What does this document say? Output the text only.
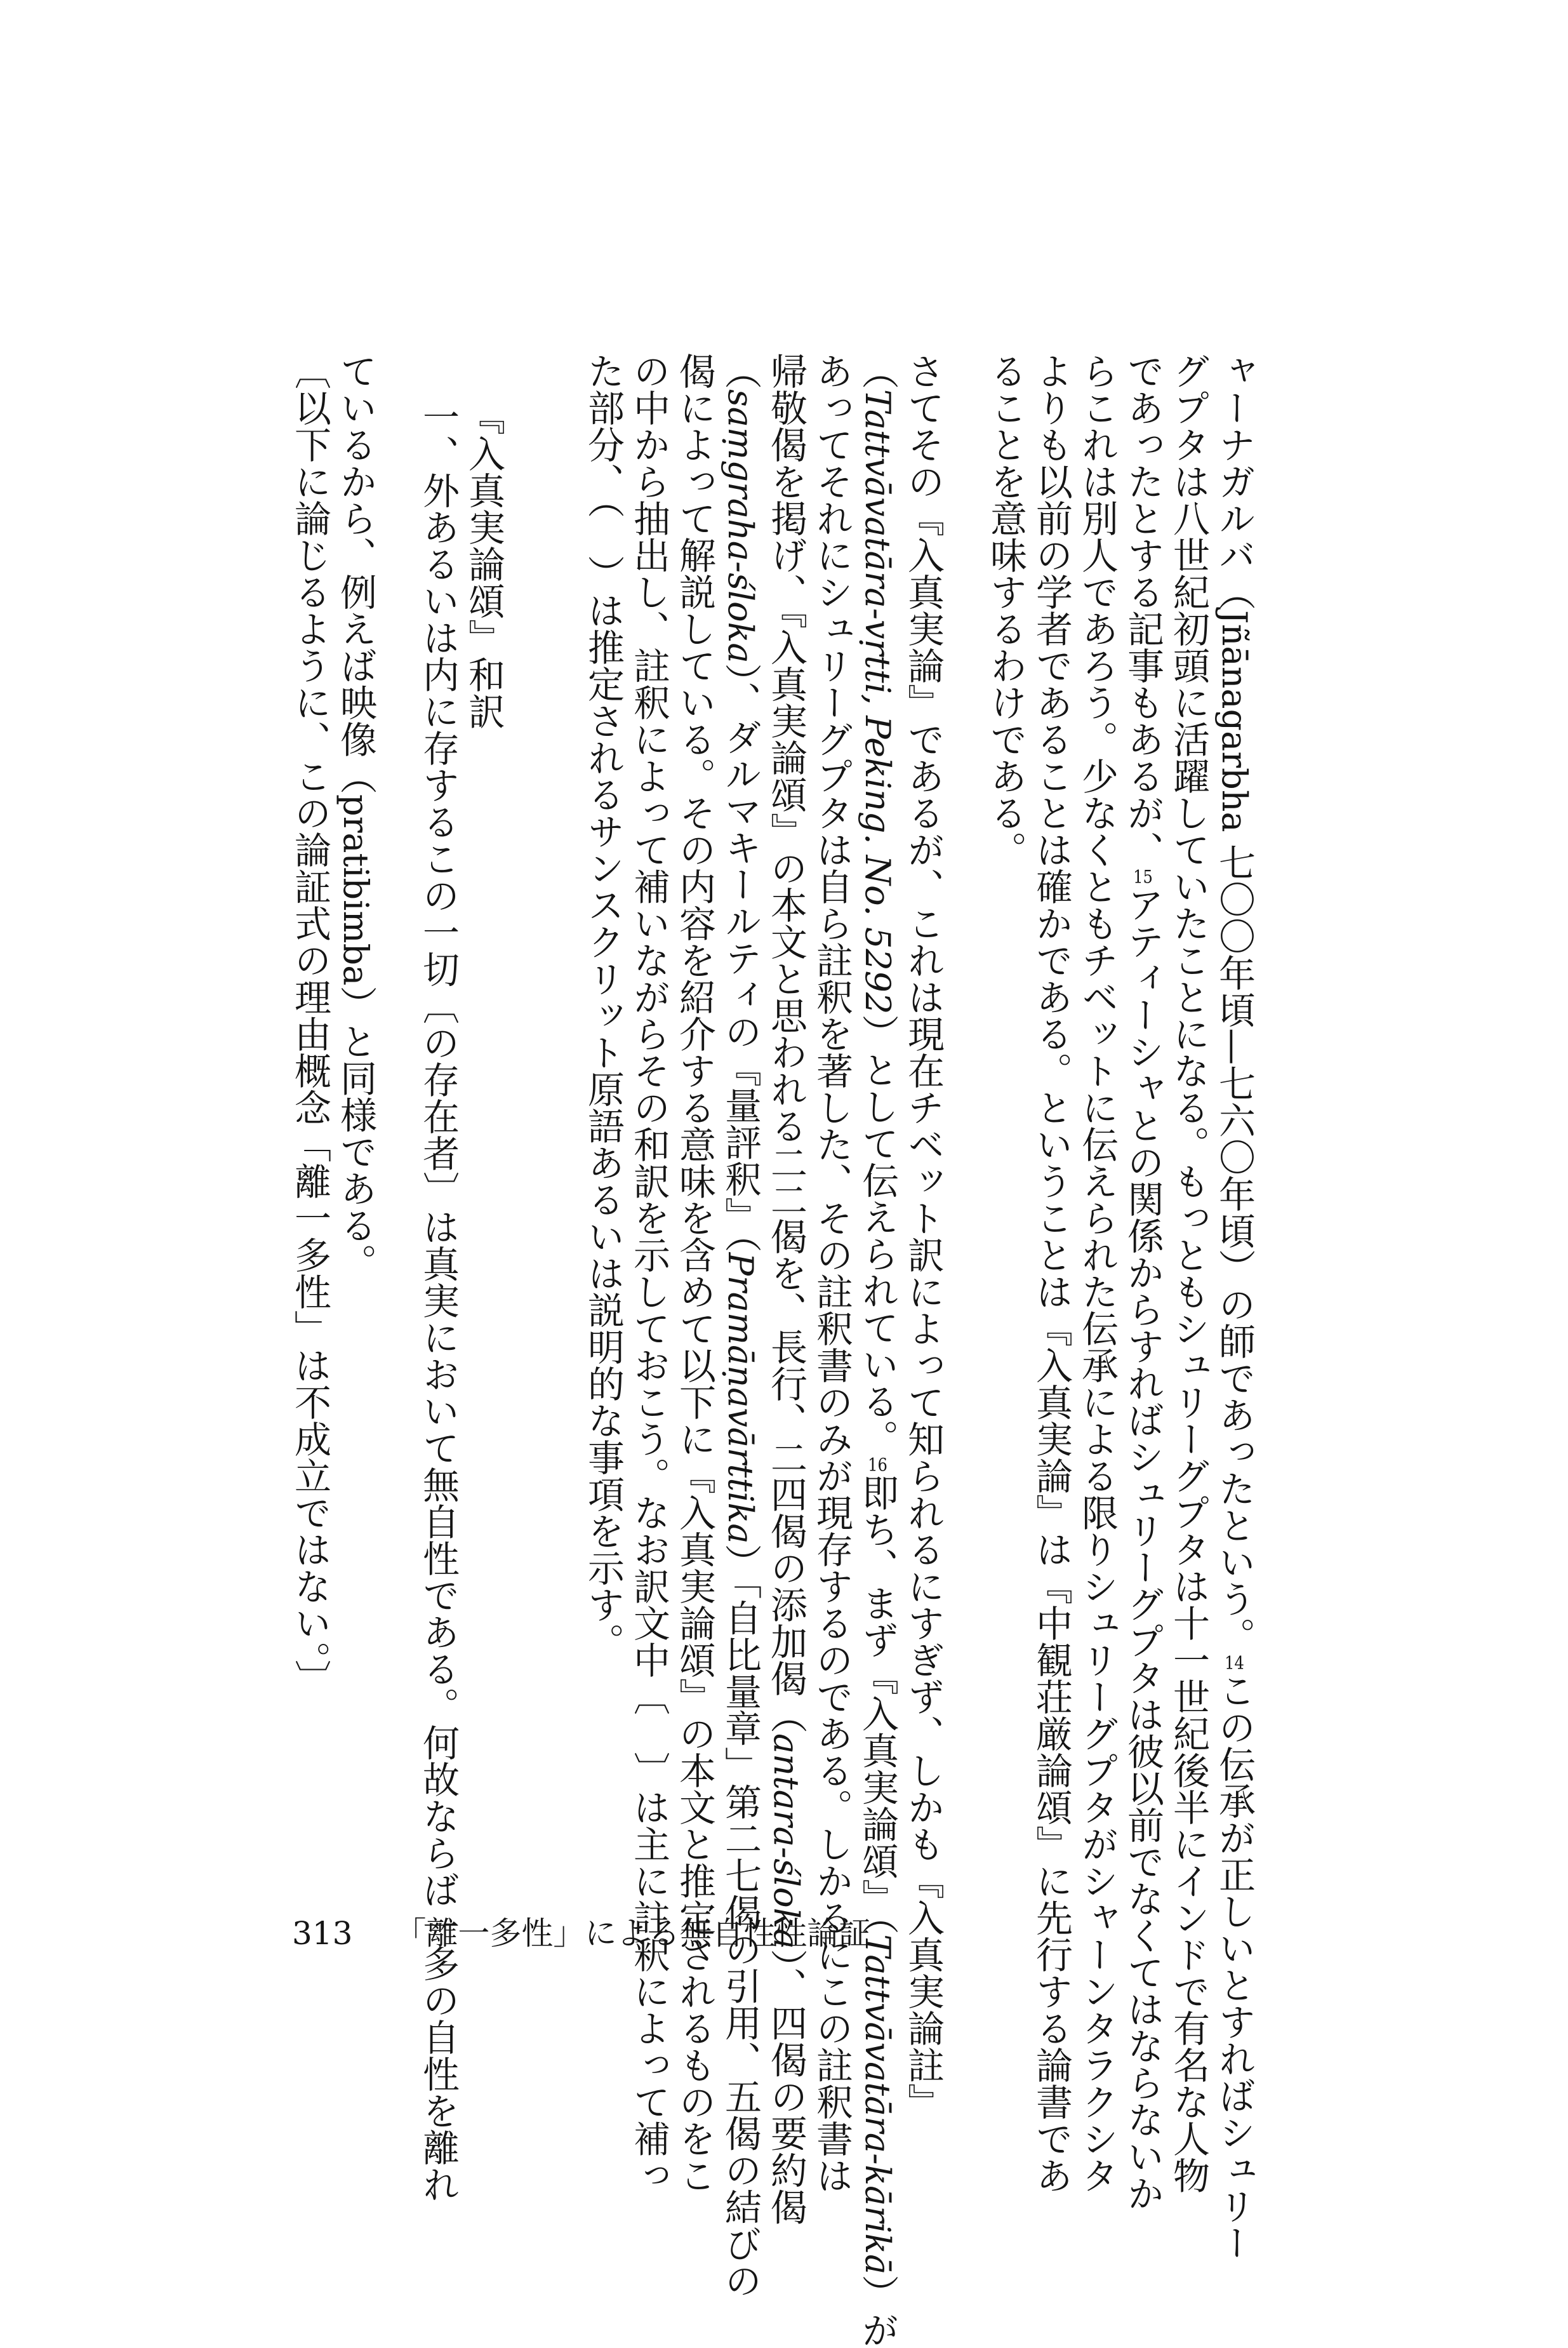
ャーナガルバ（Jñānagarbha 七〇〇年頃—七六〇年頃）の師であったという。14この伝承が正しいとすればシュリー
グプタは八世紀初頭に活躍していたことになる。もっともシュリーグプタは十一世紀後半にインドで有名な人物
であったとする記事もあるが、15アティーシャとの関係からすればシュリーグプタは彼以前でなくてはならないか
らこれは別人であろう。少なくともチベットに伝えられた伝承による限りシュリーグプタがシャーンタラクシタ
よりも以前の学者であることは確かである。ということは『入真実論』は『中観荘厳論頌』に先行する論書であ
ることを意味するわけである。
さてその『入真実論』であるが、これは現在チベット訳によって知られるにすぎず、しかも『入真実論註』
（Tattvāvatāra-vṛtti, Peking. No. 5292）として伝えられている。16即ち、まず『入真実論頌』（Tattvāvatāra-kārikā）が
あってそれにシュリーグプタは自ら註釈を著した、その註釈書のみが現存するのである。しかるにこの註釈書は
帰敬偈を掲げ、『入真実論頌』の本文と思われる二二偈を、長行、二四偈の添加偈（antara-śloka）、四偈の要約偈
（saṃgraha-śloka）、ダルマキールティの『量評釈』（Pramāṇavārttika）「自比量章」第二七偈の引用、五偈の結びの
偈によって解説している。その内容を紹介する意味を含めて以下に『入真実論頌』の本文と推定されるものをこ
の中から抽出し、註釈によって補いながらその和訳を示しておこう。なお訳文中〔　〕は主に註釈によって補っ
た部分、（　）は推定されるサンスクリット原語あるいは説明的な事項を示す。
『入真実論頌』和訳
一、外あるいは内に存するこの一切〔の存在者〕は真実において無自性である。何故ならば一多の自性を離れ
ているから、例えば映像（pratibimba）と同様である。
〔以下に論じるように、この論証式の理由概念「離一多性」は不成立ではない。〕
313 「離一多性」による無自性性論証
